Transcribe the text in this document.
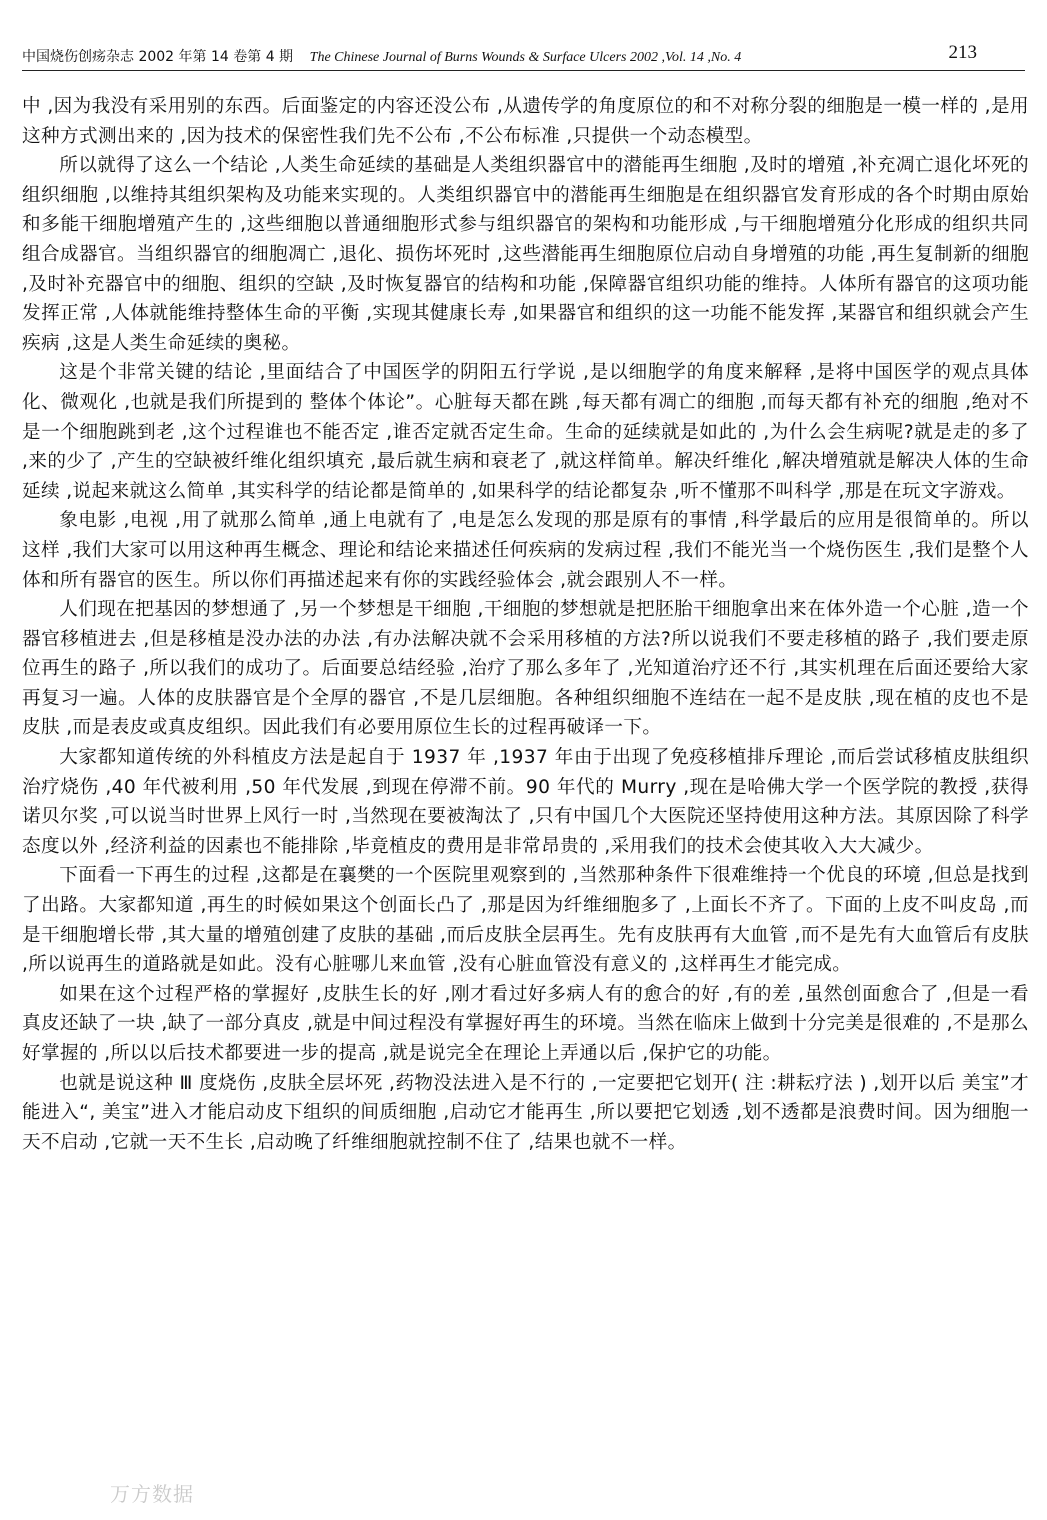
中国烧伤创疡杂志 2002 年第 14 卷第 4 期 The Chinese Journal of Burns Wounds & Surface Ulcers 2002 ,Vol. 14 ,No. 4	213

中 ,因为我没有采用别的东西。后面鉴定的内容还没公布 ,从遗传学的角度原位的和不对称分裂的细胞是一模一样的 ,是用这种方式测出来的 ,因为技术的保密性我们先不公布 ,不公布标准 ,只提供一个动态模型。

所以就得了这么一个结论 ,人类生命延续的基础是人类组织器官中的潜能再生细胞 ,及时的增殖 ,补充凋亡退化坏死的组织细胞 ,以维持其组织架构及功能来实现的。人类组织器官中的潜能再生细胞是在组织器官发育形成的各个时期由原始和多能干细胞增殖产生的 ,这些细胞以普通细胞形式参与组织器官的架构和功能形成 ,与干细胞增殖分化形成的组织共同组合成器官。当组织器官的细胞凋亡 ,退化、损伤坏死时 ,这些潜能再生细胞原位启动自身增殖的功能 ,再生复制新的细胞 ,及时补充器官中的细胞、组织的空缺 ,及时恢复器官的结构和功能 ,保障器官组织功能的维持。人体所有器官的这项功能发挥正常 ,人体就能维持整体生命的平衡 ,实现其健康长寿 ,如果器官和组织的这一功能不能发挥 ,某器官和组织就会产生疾病 ,这是人类生命延续的奥秘。

这是个非常关键的结论 ,里面结合了中国医学的阴阳五行学说 ,是以细胞学的角度来解释 ,是将中国医学的观点具体化、微观化 ,也就是我们所提到的 整体个体论”。心脏每天都在跳 ,每天都有凋亡的细胞 ,而每天都有补充的细胞 ,绝对不是一个细胞跳到老 ,这个过程谁也不能否定 ,谁否定就否定生命。生命的延续就是如此的 ,为什么会生病呢?就是走的多了 ,来的少了 ,产生的空缺被纤维化组织填充 ,最后就生病和衰老了 ,就这样简单。解决纤维化 ,解决增殖就是解决人体的生命延续 ,说起来就这么简单 ,其实科学的结论都是简单的 ,如果科学的结论都复杂 ,听不懂那不叫科学 ,那是在玩文字游戏。

象电影 ,电视 ,用了就那么简单 ,通上电就有了 ,电是怎么发现的那是原有的事情 ,科学最后的应用是很简单的。所以这样 ,我们大家可以用这种再生概念、理论和结论来描述任何疾病的发病过程 ,我们不能光当一个烧伤医生 ,我们是整个人体和所有器官的医生。所以你们再描述起来有你的实践经验体会 ,就会跟别人不一样。

人们现在把基因的梦想通了 ,另一个梦想是干细胞 ,干细胞的梦想就是把胚胎干细胞拿出来在体外造一个心脏 ,造一个器官移植进去 ,但是移植是没办法的办法 ,有办法解决就不会采用移植的方法?所以说我们不要走移植的路子 ,我们要走原位再生的路子 ,所以我们的成功了。后面要总结经验 ,治疗了那么多年了 ,光知道治疗还不行 ,其实机理在后面还要给大家再复习一遍。人体的皮肤器官是个全厚的器官 ,不是几层细胞。各种组织细胞不连结在一起不是皮肤 ,现在植的皮也不是皮肤 ,而是表皮或真皮组织。因此我们有必要用原位生长的过程再破译一下。

大家都知道传统的外科植皮方法是起自于 1937 年 ,1937 年由于出现了免疫移植排斥理论 ,而后尝试移植皮肤组织治疗烧伤 ,40 年代被利用 ,50 年代发展 ,到现在停滞不前。90 年代的 Murry ,现在是哈佛大学一个医学院的教授 ,获得诺贝尔奖 ,可以说当时世界上风行一时 ,当然现在要被淘汰了 ,只有中国几个大医院还坚持使用这种方法。其原因除了科学态度以外 ,经济利益的因素也不能排除 ,毕竟植皮的费用是非常昂贵的 ,采用我们的技术会使其收入大大减少。

下面看一下再生的过程 ,这都是在襄樊的一个医院里观察到的 ,当然那种条件下很难维持一个优良的环境 ,但总是找到了出路。大家都知道 ,再生的时候如果这个创面长凸了 ,那是因为纤维细胞多了 ,上面长不齐了。下面的上皮不叫皮岛 ,而是干细胞增长带 ,其大量的增殖创建了皮肤的基础 ,而后皮肤全层再生。先有皮肤再有大血管 ,而不是先有大血管后有皮肤 ,所以说再生的道路就是如此。没有心脏哪儿来血管 ,没有心脏血管没有意义的 ,这样再生才能完成。

如果在这个过程严格的掌握好 ,皮肤生长的好 ,刚才看过好多病人有的愈合的好 ,有的差 ,虽然创面愈合了 ,但是一看真皮还缺了一块 ,缺了一部分真皮 ,就是中间过程没有掌握好再生的环境。当然在临床上做到十分完美是很难的 ,不是那么好掌握的 ,所以以后技术都要进一步的提高 ,就是说完全在理论上弄通以后 ,保护它的功能。

也就是说这种 Ⅲ 度烧伤 ,皮肤全层坏死 ,药物没法进入是不行的 ,一定要把它划开( 注 :耕耘疗法 ) ,划开以后 美宝”才能进入“, 美宝”进入才能启动皮下组织的间质细胞 ,启动它才能再生 ,所以要把它划透 ,划不透都是浪费时间。因为细胞一天不启动 ,它就一天不生长 ,启动晚了纤维细胞就控制不住了 ,结果也就不一样。

万方数据
